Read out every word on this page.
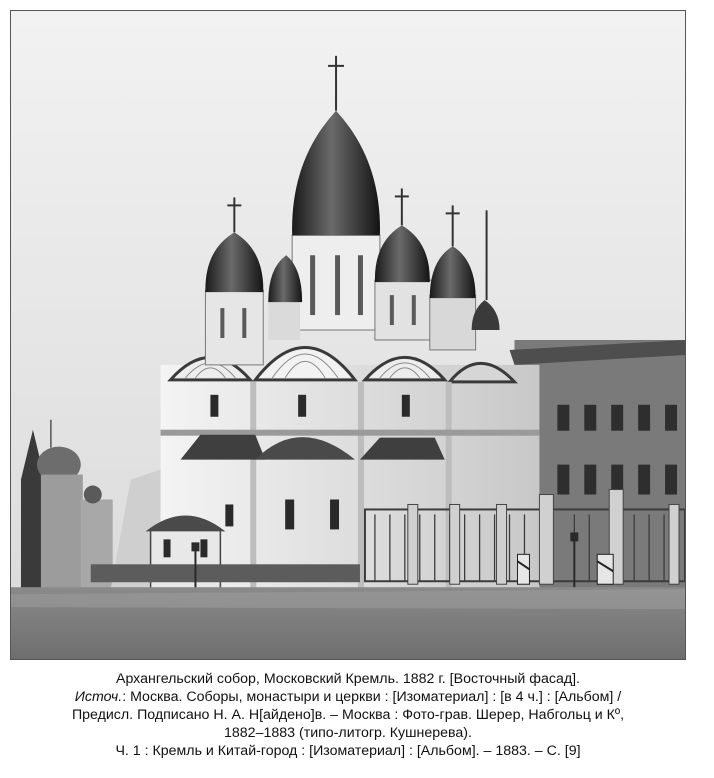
Архангельский собор, Московский Кремль. 1882 г. [Восточный фасад].
Источ.: Москва. Соборы, монастыри и церкви : [Изоматериал] : [в 4 ч.] : [Альбом] /
Предисл. Подписано Н. А. Н[айдено]в. – Москва : Фото-грав. Шерер, Набгольц и Кº,
1882–1883 (типо-литогр. Кушнерева).
Ч. 1 : Кремль и Китай-город : [Изоматериал] : [Альбом]. – 1883. – С. [9]
